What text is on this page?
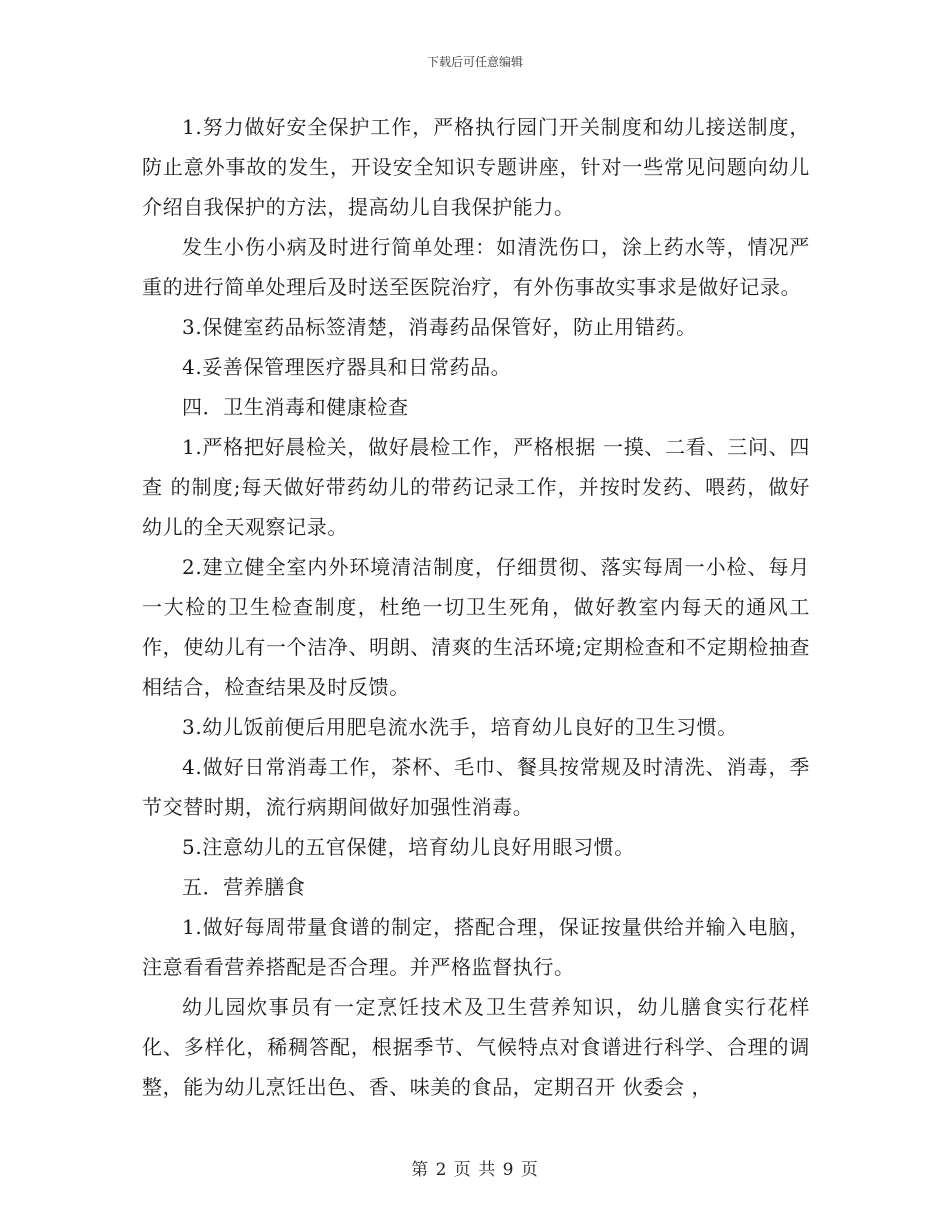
下载后可任意编辑

1.努力做好安全保护工作，严格执行园门开关制度和幼儿接送制度，防止意外事故的发生，开设安全知识专题讲座，针对一些常见问题向幼儿介绍自我保护的方法，提高幼儿自我保护能力。

发生小伤小病及时进行简单处理：如清洗伤口，涂上药水等，情况严重的进行简单处理后及时送至医院治疗，有外伤事故实事求是做好记录。

3.保健室药品标签清楚，消毒药品保管好，防止用错药。

4.妥善保管理医疗器具和日常药品。

四．卫生消毒和健康检查

1.严格把好晨检关，做好晨检工作，严格根据 一摸、二看、三问、四查 的制度;每天做好带药幼儿的带药记录工作，并按时发药、喂药，做好幼儿的全天观察记录。

2.建立健全室内外环境清洁制度，仔细贯彻、落实每周一小检、每月一大检的卫生检查制度，杜绝一切卫生死角，做好教室内每天的通风工作，使幼儿有一个洁净、明朗、清爽的生活环境;定期检查和不定期检抽查相结合，检查结果及时反馈。

3.幼儿饭前便后用肥皂流水洗手，培育幼儿良好的卫生习惯。

4.做好日常消毒工作，茶杯、毛巾、餐具按常规及时清洗、消毒，季节交替时期，流行病期间做好加强性消毒。

5.注意幼儿的五官保健，培育幼儿良好用眼习惯。

五．营养膳食

1.做好每周带量食谱的制定，搭配合理，保证按量供给并输入电脑，注意看看营养搭配是否合理。并严格监督执行。

幼儿园炊事员有一定烹饪技术及卫生营养知识，幼儿膳食实行花样化、多样化，稀稠答配，根据季节、气候特点对食谱进行科学、合理的调整，能为幼儿烹饪出色、香、味美的食品，定期召开 伙委会 ，

第 2 页 共 9 页
